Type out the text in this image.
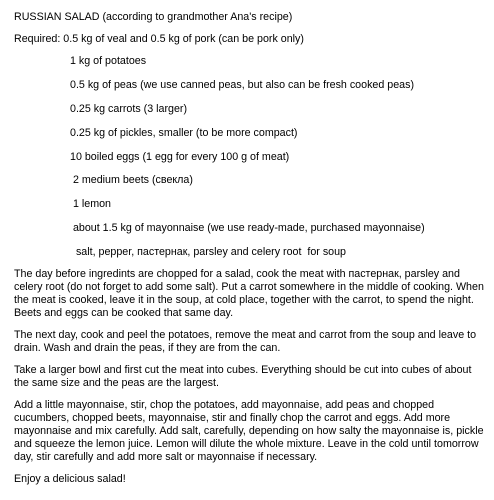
RUSSIAN SALAD (according to grandmother Ana's recipe)

Required: 0.5 kg of veal and 0.5 kg of pork (can be pork only)

1 kg of potatoes
0.5 kg of peas (we use canned peas, but also can be fresh cooked peas)
0.25 kg carrots (3 larger)
0.25 kg of pickles, smaller (to be more compact)
10 boiled eggs (1 egg for every 100 g of meat)
2 medium beets (свекла)
1 lemon
about 1.5 kg of mayonnaise (we use ready-made, purchased mayonnaise)
salt, pepper, пастернак, parsley and celery root  for soup

The day before ingredints are chopped for a salad, cook the meat with пастернак, parsley and celery root (do not forget to add some salt). Put a carrot somewhere in the middle of cooking. When the meat is cooked, leave it in the soup, at cold place, together with the carrot, to spend the night. Beets and eggs can be cooked that same day.

The next day, cook and peel the potatoes, remove the meat and carrot from the soup and leave to drain. Wash and drain the peas, if they are from the can.

Take a larger bowl and first cut the meat into cubes. Everything should be cut into cubes of about the same size and the peas are the largest.

Add a little mayonnaise, stir, chop the potatoes, add mayonnaise, add peas and chopped cucumbers, chopped beets, mayonnaise, stir and finally chop the carrot and eggs. Add more mayonnaise and mix carefully. Add salt, carefully, depending on how salty the mayonnaise is, pickle and squeeze the lemon juice. Lemon will dilute the whole mixture. Leave in the cold until tomorrow day, stir carefully and add more salt or mayonnaise if necessary.

Enjoy a delicious salad!
